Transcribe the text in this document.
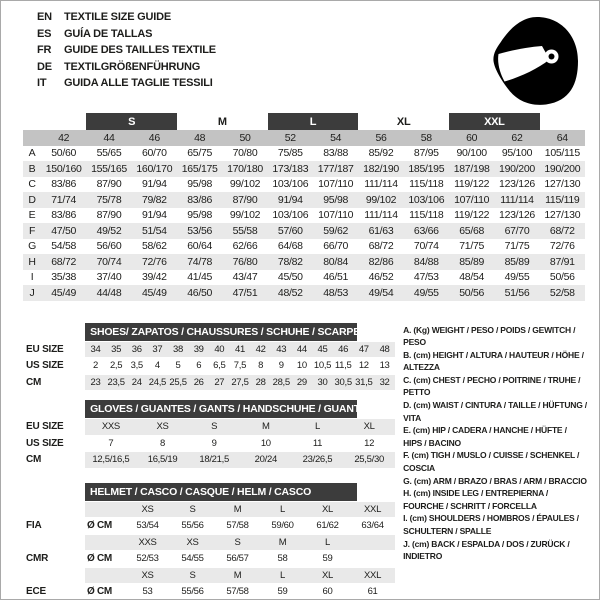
EN	TEXTILE SIZE GUIDE
ES	GUÍA DE TALLAS
FR	GUIDE DES TAILLES TEXTILE
DE	TEXTILGRÖßENFÜHRUNG
IT	GUIDA ALLE TAGLIE TESSILI
		S		M		L		XL		XXL		
	42	44	46	48	50	52	54	56	58	60	62	64
A	50/60	55/65	60/70	65/75	70/80	75/85	83/88	85/92	87/95	90/100	95/100	105/115
B	150/160	155/165	160/170	165/175	170/180	173/183	177/187	182/190	185/195	187/198	190/200	190/200
C	83/86	87/90	91/94	95/98	99/102	103/106	107/110	111/114	115/118	119/122	123/126	127/130
D	71/74	75/78	79/82	83/86	87/90	91/94	95/98	99/102	103/106	107/110	111/114	115/119
E	83/86	87/90	91/94	95/98	99/102	103/106	107/110	111/114	115/118	119/122	123/126	127/130
F	47/50	49/52	51/54	53/56	55/58	57/60	59/62	61/63	63/66	65/68	67/70	68/72
G	54/58	56/60	58/62	60/64	62/66	64/68	66/70	68/72	70/74	71/75	71/75	72/76
H	68/72	70/74	72/76	74/78	76/80	78/82	80/84	82/86	84/88	85/89	85/89	87/91
I	35/38	37/40	39/42	41/45	43/47	45/50	46/51	46/52	47/53	48/54	49/55	50/56
J	45/49	44/48	45/49	46/50	47/51	48/52	48/53	49/54	49/55	50/56	51/56	52/58

	SHOES/ ZAPATOS / CHAUSSURES / SCHUHE / SCARPE														

EU SIZE	34	35	36	37	38	39	40	41	42	43	44	45	46	47	48
US SIZE	2	2,5	3,5	4	5	6	6,5	7,5	8	9	10	10,5	11,5	12	13
CM	23	23,5	24	24,5	25,5	26	27	27,5	28	28,5	29	30	30,5	31,5	32

	GLOVES / GUANTES / GANTS / HANDSCHUHE / GUANTI					

EU SIZE	XXS	XS	S	M	L	XL
US SIZE	7	8	9	10	11	12
CM	12,5/16,5	16,5/19	18/21,5	20/24	23/26,5	25,5/30

	HELMET / CASCO / CASQUE / HELM / CASCO						

		XS	S	M	L	XL	XXL
FIA	Ø CM	53/54	55/56	57/58	59/60	61/62	63/64
		XXS	XS	S	M	L	
CMR	Ø CM	52/53	54/55	56/57	58	59	
		XS	S	M	L	XL	XXL
ECE	Ø CM	53	55/56	57/58	59	60	61
A. (Kg) WEIGHT / PESO / POIDS / GEWITCH / PESO
B. (cm) HEIGHT / ALTURA / HAUTEUR / HÖHE / ALTEZZA
C. (cm) CHEST / PECHO / POITRINE / TRUHE / PETTO
D. (cm) WAIST / CINTURA / TAILLE / HÜFTUNG / VITA
E. (cm) HIP / CADERA / HANCHE / HÜFTE / HIPS / BACINO
F. (cm) TIGH / MUSLO / CUISSE / SCHENKEL / COSCIA
G. (cm) ARM / BRAZO / BRAS / ARM / BRACCIO
H. (cm) INSIDE LEG / ENTREPIERNA / FOURCHE / SCHRITT / FORCELLA
I. (cm) SHOULDERS / HOMBROS / ÉPAULES / SCHULTERN / SPALLE
J. (cm) BACK / ESPALDA / DOS / ZURÜCK / INDIETRO
